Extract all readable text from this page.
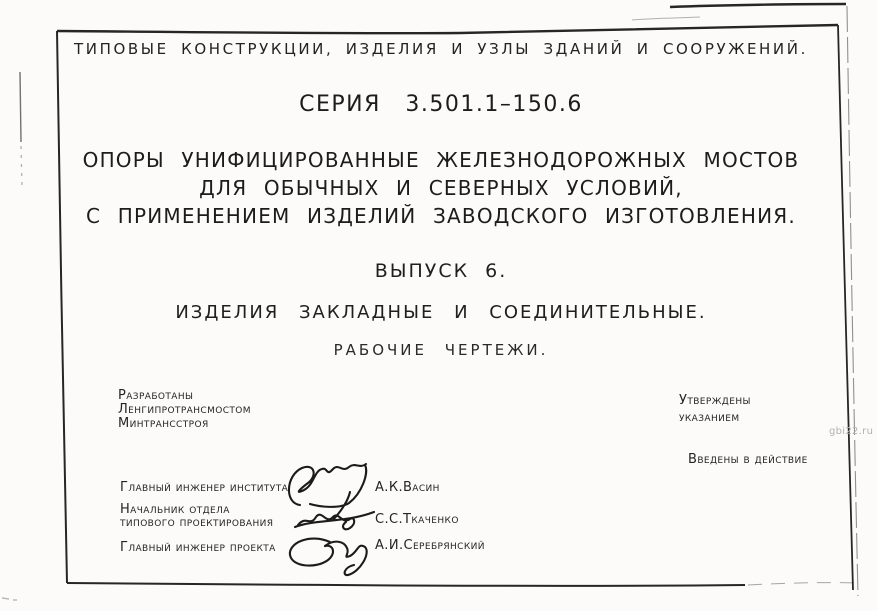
ТИПОВЫЕ КОНСТРУКЦИИ, ИЗДЕЛИЯ И УЗЛЫ ЗДАНИЙ И СООРУЖЕНИЙ.
СЕРИЯ 3.501.1–150.6
ОПОРЫ УНИФИЦИРОВАННЫЕ ЖЕЛЕЗНОДОРОЖНЫХ МОСТОВ
ДЛЯ ОБЫЧНЫХ И СЕВЕРНЫХ УСЛОВИЙ,
С ПРИМЕНЕНИЕМ ИЗДЕЛИЙ ЗАВОДСКОГО ИЗГОТОВЛЕНИЯ.
ВЫПУСК 6.
ИЗДЕЛИЯ ЗАКЛАДНЫЕ И СОЕДИНИТЕЛЬНЫЕ.
РАБОЧИЕ ЧЕРТЕЖИ.
Разработаны
Ленгипротрансмостом
Минтрансстроя
Утверждены
указанием
Введены в действие
gbi22.ru
Главный инженер института	А.К.Васин
Начальник отдела
типового проектирования	С.С.Ткаченко
Главный инженер проекта	А.И.Серебрянский
